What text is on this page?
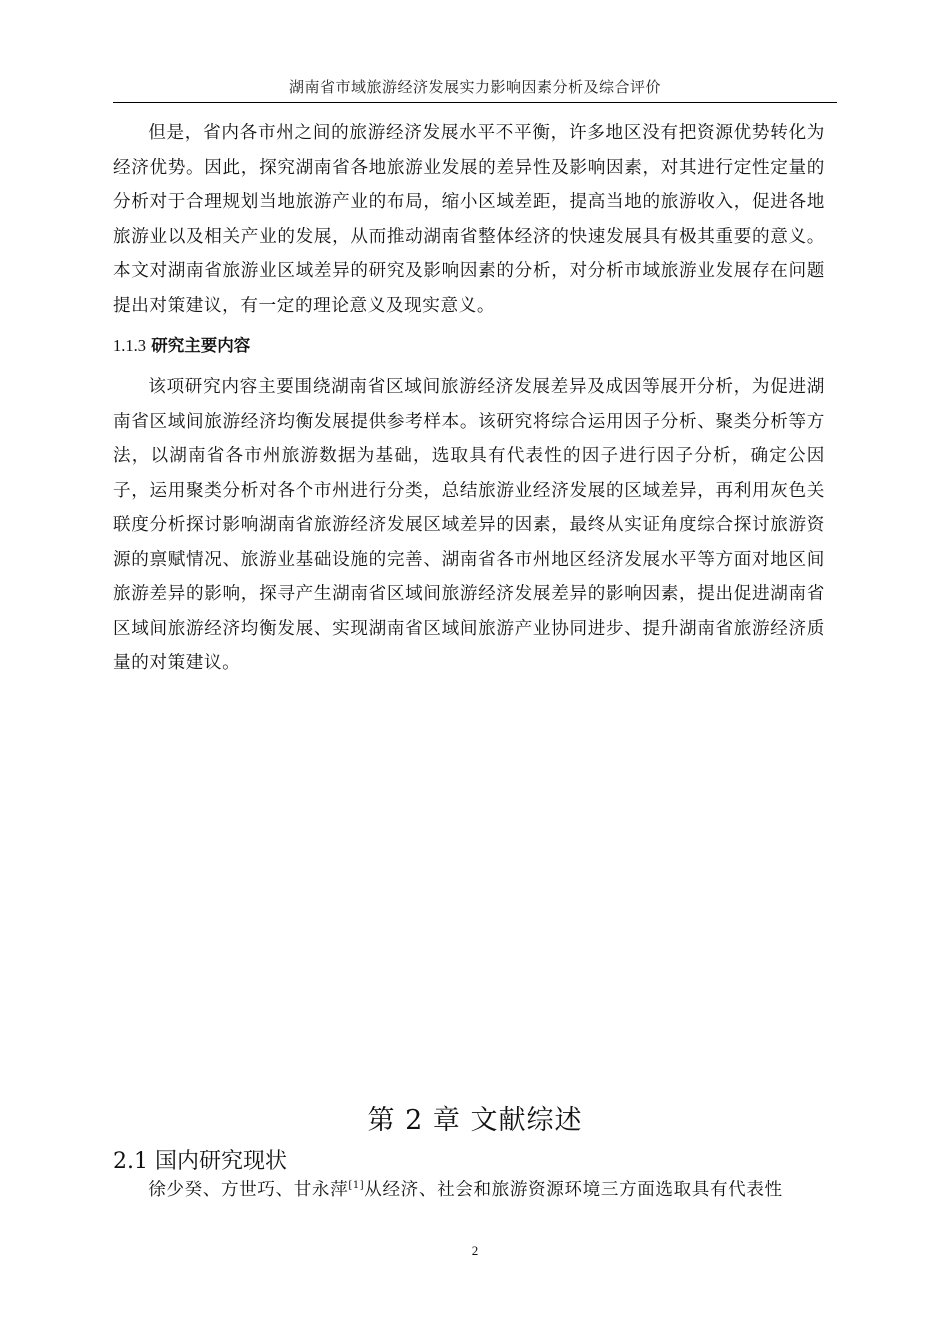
湖南省市域旅游经济发展实力影响因素分析及综合评价

但是，省内各市州之间的旅游经济发展水平不平衡，许多地区没有把资源优势转化为经济优势。因此，探究湖南省各地旅游业发展的差异性及影响因素，对其进行定性定量的分析对于合理规划当地旅游产业的布局，缩小区域差距，提高当地的旅游收入，促进各地旅游业以及相关产业的发展，从而推动湖南省整体经济的快速发展具有极其重要的意义。本文对湖南省旅游业区域差异的研究及影响因素的分析，对分析市域旅游业发展存在问题提出对策建议，有一定的理论意义及现实意义。

1.1.3 研究主要内容

该项研究内容主要围绕湖南省区域间旅游经济发展差异及成因等展开分析，为促进湖南省区域间旅游经济均衡发展提供参考样本。该研究将综合运用因子分析、聚类分析等方法，以湖南省各市州旅游数据为基础，选取具有代表性的因子进行因子分析，确定公因子，运用聚类分析对各个市州进行分类，总结旅游业经济发展的区域差异，再利用灰色关联度分析探讨影响湖南省旅游经济发展区域差异的因素，最终从实证角度综合探讨旅游资源的禀赋情况、旅游业基础设施的完善、湖南省各市州地区经济发展水平等方面对地区间旅游差异的影响，探寻产生湖南省区域间旅游经济发展差异的影响因素，提出促进湖南省区域间旅游经济均衡发展、实现湖南省区域间旅游产业协同进步、提升湖南省旅游经济质量的对策建议。

第 2 章 文献综述
2.1 国内研究现状

徐少癸、方世巧、甘永萍[1]从经济、社会和旅游资源环境三方面选取具有代表性

2
